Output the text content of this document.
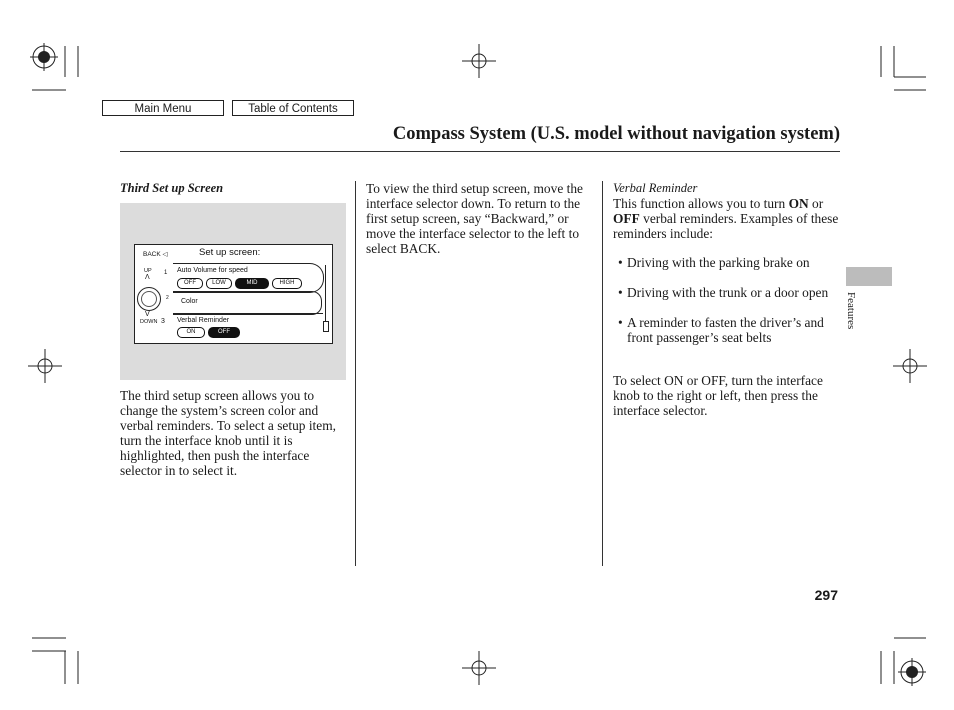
Main Menu	Table of Contents
Compass System (U.S. model without navigation system)
Third Set up Screen
BACK ◁	Set up screen:
UP
Λ
1
2
V
DOWN 3
Auto Volume for speed
OFF	LOW	MID	HIGH
Color
Verbal Reminder
ON	OFF
The third setup screen allows you to change the system’s screen color and verbal reminders. To select a setup item, turn the interface knob until it is highlighted, then push the interface selector in to select it.
To view the third setup screen, move the interface selector down. To return to the first setup screen, say “Backward,” or move the interface selector to the left to select BACK.
Verbal Reminder
This function allows you to turn ON or OFF verbal reminders. Examples of these reminders include:
• Driving with the parking brake on
• Driving with the trunk or a door open
• A reminder to fasten the driver’s and front passenger’s seat belts
To select ON or OFF, turn the interface knob to the right or left, then press the interface selector.
Features
297
